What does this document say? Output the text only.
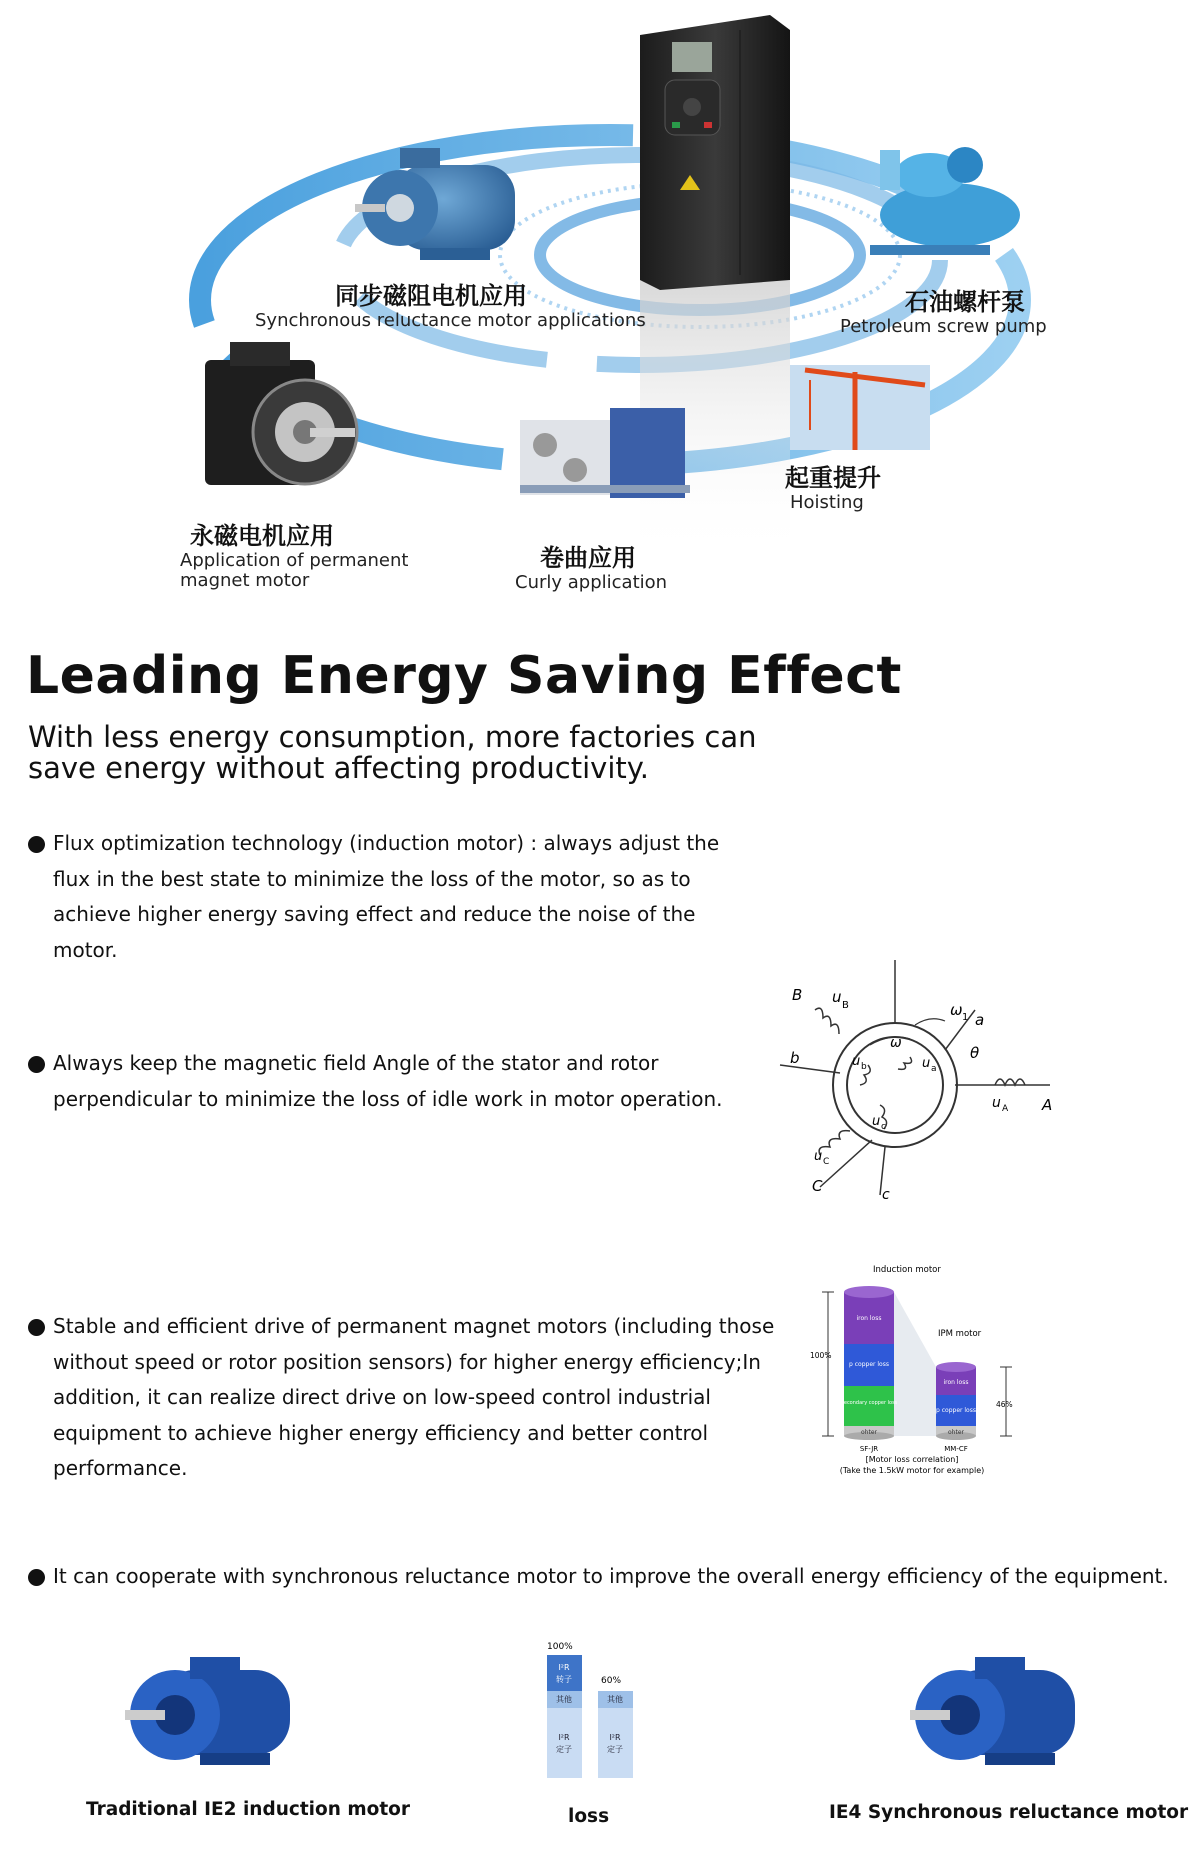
同步磁阻电机应用
Synchronous reluctance motor applications
石油螺杆泵
Petroleum screw pump
起重提升
Hoisting
卷曲应用
Curly application
永磁电机应用
Application of permanent magnet motor
Leading Energy Saving Effect
With less energy consumption, more factories can save energy without affecting productivity.
Flux optimization technology (induction motor) : always adjust the flux in the best state to minimize the loss of the motor, so as to achieve higher energy saving effect and reduce the noise of the motor.
Always keep the magnetic field Angle of the stator and rotor perpendicular to minimize the loss of idle work in motor operation.
Stable and efficient drive of permanent magnet motors (including those without speed or rotor position sensors) for higher energy efficiency;In addition, it can realize direct drive on low-speed control industrial equipment to achieve higher energy efficiency and better control performance.
It can cooperate with synchronous reluctance motor to improve the overall energy efficiency of the equipment.
B u B	ω 1 a
b	u b
ω
u a
θ
u A A
u c
u C
C	c
Induction motor
IPM motor
100%
46%
iron loss
p copper loss
Secondary copper loss
ohter
iron loss
p copper loss
ohter
SF-JR	MM-CF
[Motor loss correlation]
(Take the 1.5kW motor for example)
100%
60%
I²R
转子
其他
I²R
定子
其他
I²R
定子
Traditional IE2 induction motor	loss	IE4 Synchronous reluctance motor
